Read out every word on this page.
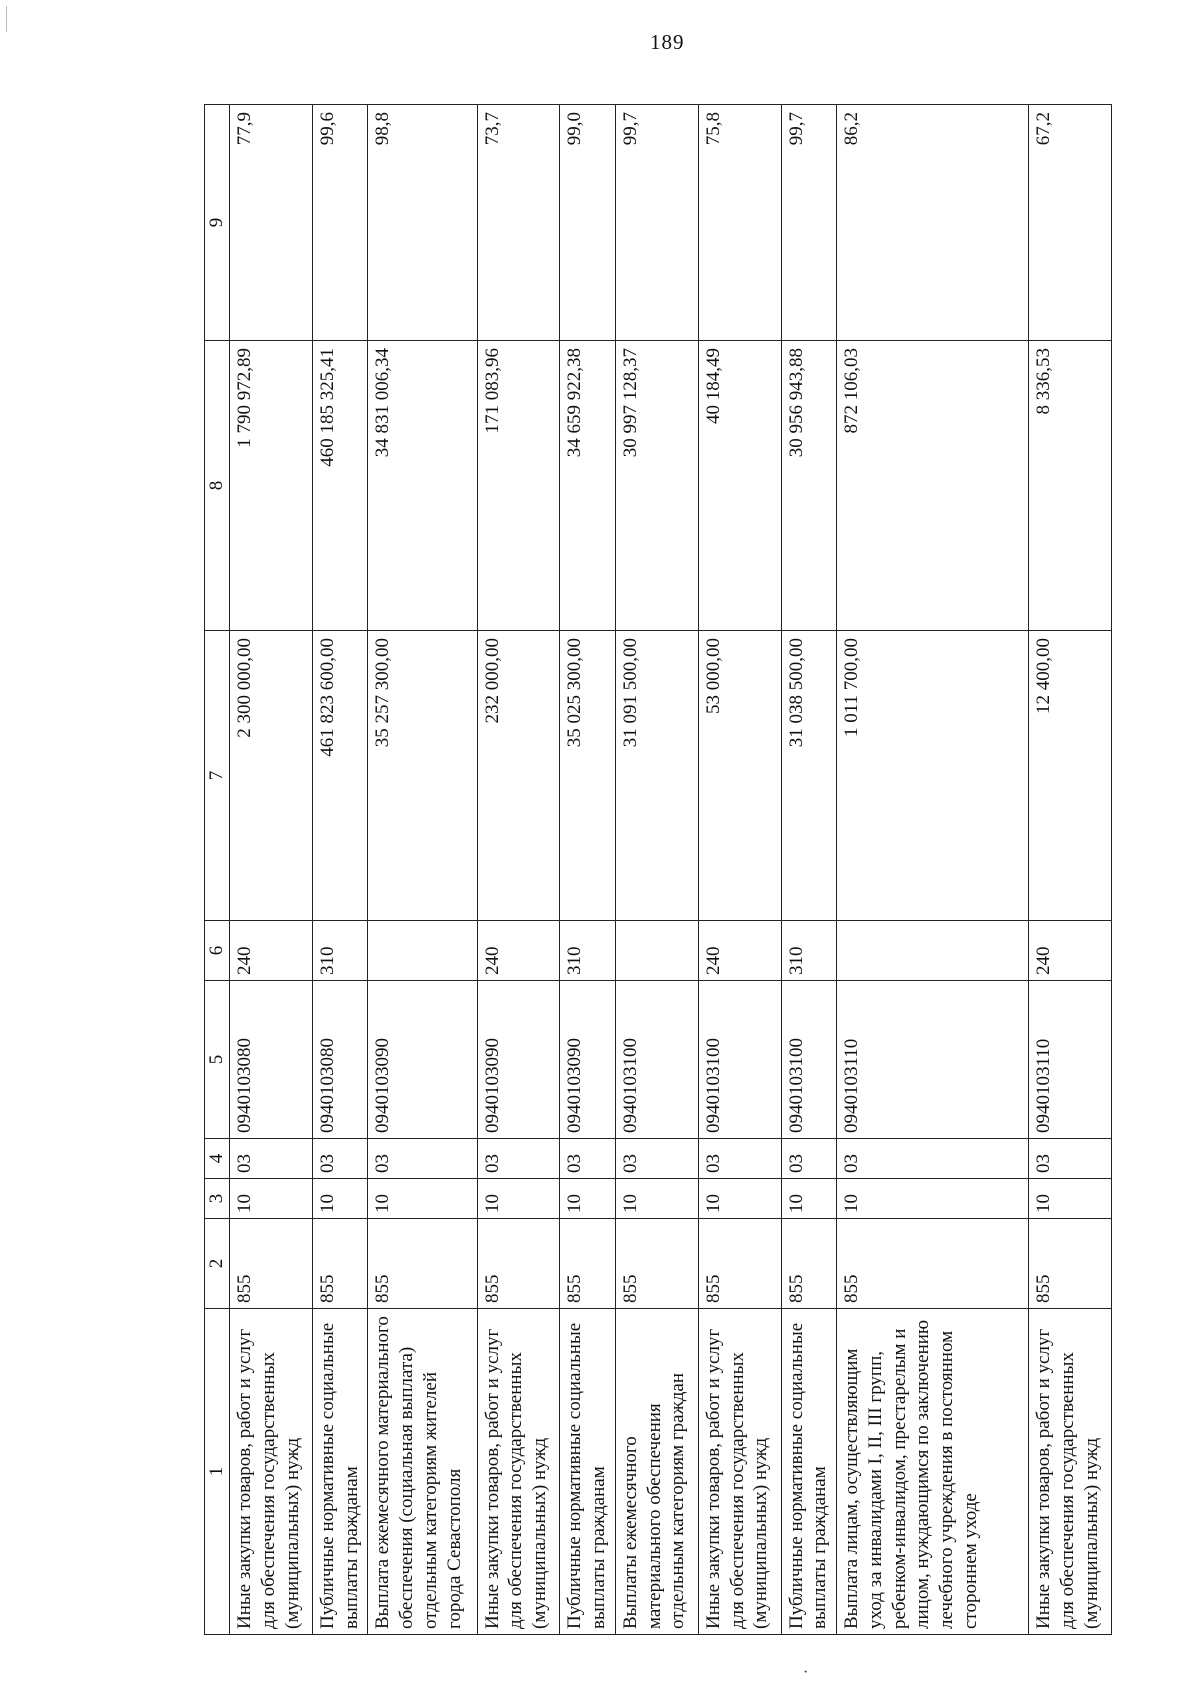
189
1	2	3	4	5	6	7	8	9
Иные закупки товаров, работ и услуг для обеспечения государственных (муниципальных) нужд	855	10	03	0940103080	240	2 300 000,00	1 790 972,89	77,9
Публичные нормативные социальные выплаты гражданам	855	10	03	0940103080	310	461 823 600,00	460 185 325,41	99,6
Выплата ежемесячного материального обеспечения (социальная выплата) отдельным категориям жителей города Севастополя	855	10	03	0940103090		35 257 300,00	34 831 006,34	98,8
Иные закупки товаров, работ и услуг для обеспечения государственных (муниципальных) нужд	855	10	03	0940103090	240	232 000,00	171 083,96	73,7
Публичные нормативные социальные выплаты гражданам	855	10	03	0940103090	310	35 025 300,00	34 659 922,38	99,0
Выплаты ежемесячного материального обеспечения отдельным категориям граждан	855	10	03	0940103100		31 091 500,00	30 997 128,37	99,7
Иные закупки товаров, работ и услуг для обеспечения государственных (муниципальных) нужд	855	10	03	0940103100	240	53 000,00	40 184,49	75,8
Публичные нормативные социальные выплаты гражданам	855	10	03	0940103100	310	31 038 500,00	30 956 943,88	99,7
Выплата лицам, осуществляющим уход за инвалидами I, II, III групп, ребенком-инвалидом, престарелым и лицом, нуждающимся по заключению лечебного учреждения в постоянном стороннем уходе	855	10	03	0940103110		1 011 700,00	872 106,03	86,2
Иные закупки товаров, работ и услуг для обеспечения государственных (муниципальных) нужд	855	10	03	0940103110	240	12 400,00	8 336,53	67,2
·
